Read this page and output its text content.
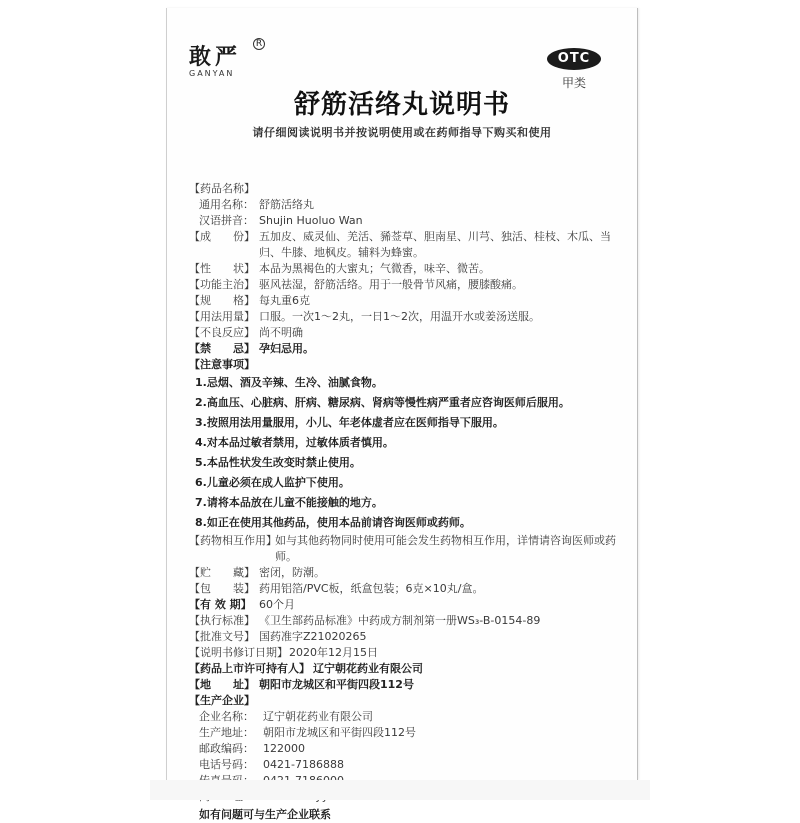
敢严	R
GANYAN
OTC
甲类
舒筋活络丸说明书
请仔细阅读说明书并按说明使用或在药师指导下购买和使用
【药品名称】
通用名称： 舒筋活络丸
汉语拼音： Shujin Huoluo Wan
【成　　份】 五加皮、威灵仙、羌活、豨莶草、胆南星、川芎、独活、桂枝、木瓜、当归、牛膝、地枫皮。辅料为蜂蜜。
【性　　状】 本品为黑褐色的大蜜丸；气微香，味辛、微苦。
【功能主治】 驱风祛湿，舒筋活络。用于一般骨节风痛，腰膝酸痛。
【规　　格】 每丸重6克
【用法用量】 口服。一次1～2丸，一日1～2次，用温开水或姜汤送服。
【不良反应】 尚不明确
【禁　　忌】 孕妇忌用。
【注意事项】
1.忌烟、酒及辛辣、生冷、油腻食物。
2.高血压、心脏病、肝病、糖尿病、肾病等慢性病严重者应咨询医师后服用。
3.按照用法用量服用，小儿、年老体虚者应在医师指导下服用。
4.对本品过敏者禁用，过敏体质者慎用。
5.本品性状发生改变时禁止使用。
6.儿童必须在成人监护下使用。
7.请将本品放在儿童不能接触的地方。
8.如正在使用其他药品，使用本品前请咨询医师或药师。
【药物相互作用】
如与其他药物同时使用可能会发生药物相互作用，详情请咨询医师或药师。
【贮　　藏】 密闭，防潮。
【包　　装】 药用铝箔/PVC板，纸盒包装；6克×10丸/盒。
【有 效 期】 60个月
【执行标准】 《卫生部药品标准》中药成方制剂第一册WS₃-B-0154-89
【批准文号】 国药准字Z21020265
【说明书修订日期】 2020年12月15日
【药品上市许可持有人】 辽宁朝花药业有限公司
【地　　址】 朝阳市龙城区和平街四段112号
【生产企业】
企业名称： 辽宁朝花药业有限公司
生产地址： 朝阳市龙城区和平街四段112号
邮政编码： 122000
电话号码： 0421-7186888
如有问题可与生产企业联系
